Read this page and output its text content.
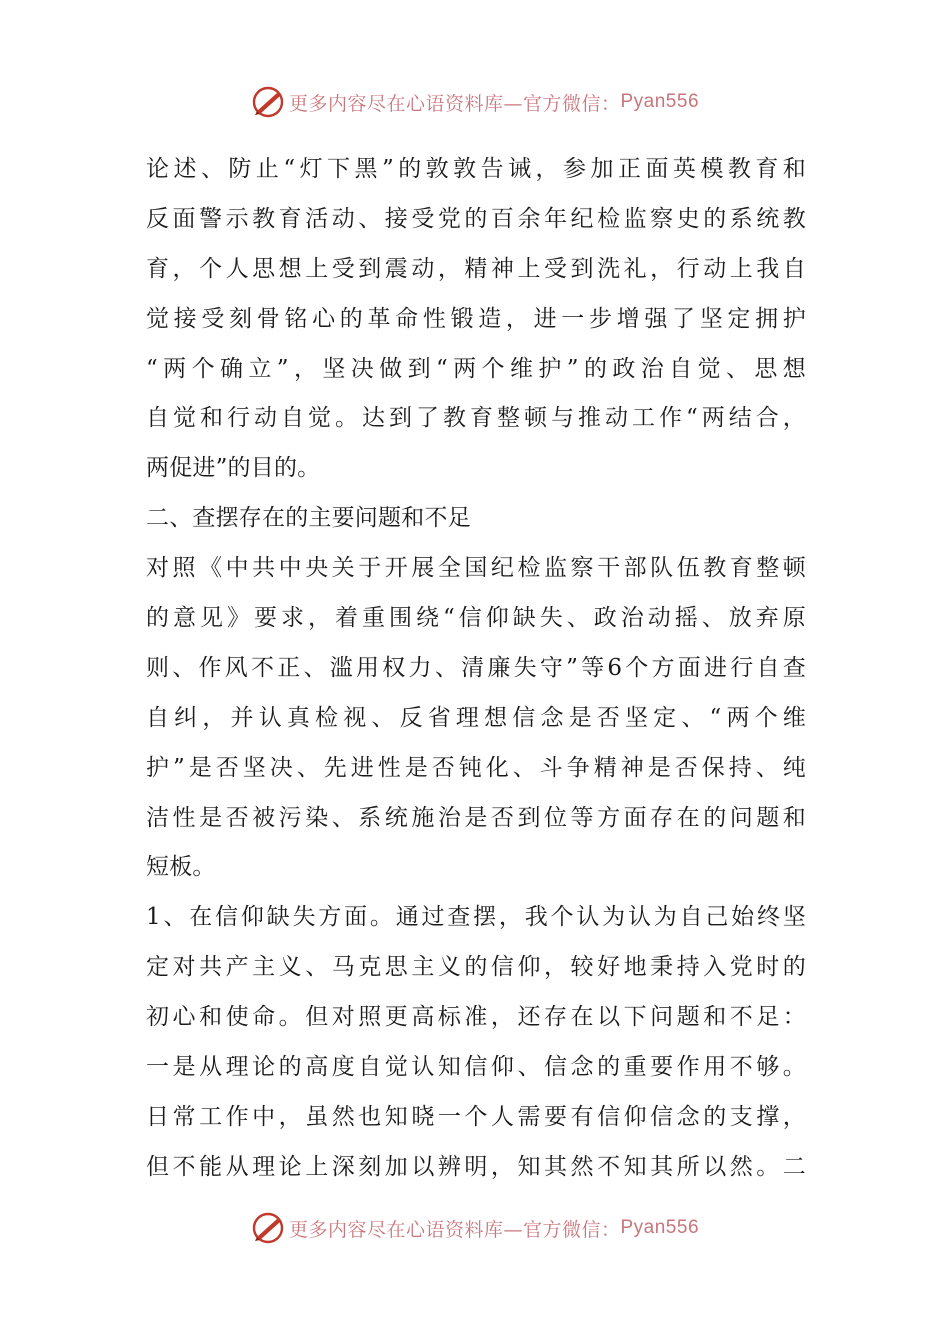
更多内容尽在心语资料库—官方微信： Pyan556
论述、防止“灯下黑”的敦敦告诫，参加正面英模教育和
反面警示教育活动、接受党的百余年纪检监察史的系统教
育，个人思想上受到震动，精神上受到洗礼，行动上我自
觉接受刻骨铭心的革命性锻造，进一步增强了坚定拥护
“两个确立”，坚决做到“两个维护”的政治自觉、思想
自觉和行动自觉。达到了教育整顿与推动工作“两结合，
两促进”的目的。
二、查摆存在的主要问题和不足
对照《中共中央关于开展全国纪检监察干部队伍教育整顿
的意见》要求，着重围绕“信仰缺失、政治动摇、放弃原
则、作风不正、滥用权力、清廉失守”等6个方面进行自查
自纠，并认真检视、反省理想信念是否坚定、“两个维
护”是否坚决、先进性是否钝化、斗争精神是否保持、纯
洁性是否被污染、系统施治是否到位等方面存在的问题和
短板。
1、在信仰缺失方面。通过查摆，我个认为认为自己始终坚
定对共产主义、马克思主义的信仰，较好地秉持入党时的
初心和使命。但对照更高标准，还存在以下问题和不足：
一是从理论的高度自觉认知信仰、信念的重要作用不够。
日常工作中，虽然也知晓一个人需要有信仰信念的支撑，
但不能从理论上深刻加以辨明，知其然不知其所以然。二
更多内容尽在心语资料库—官方微信： Pyan556
